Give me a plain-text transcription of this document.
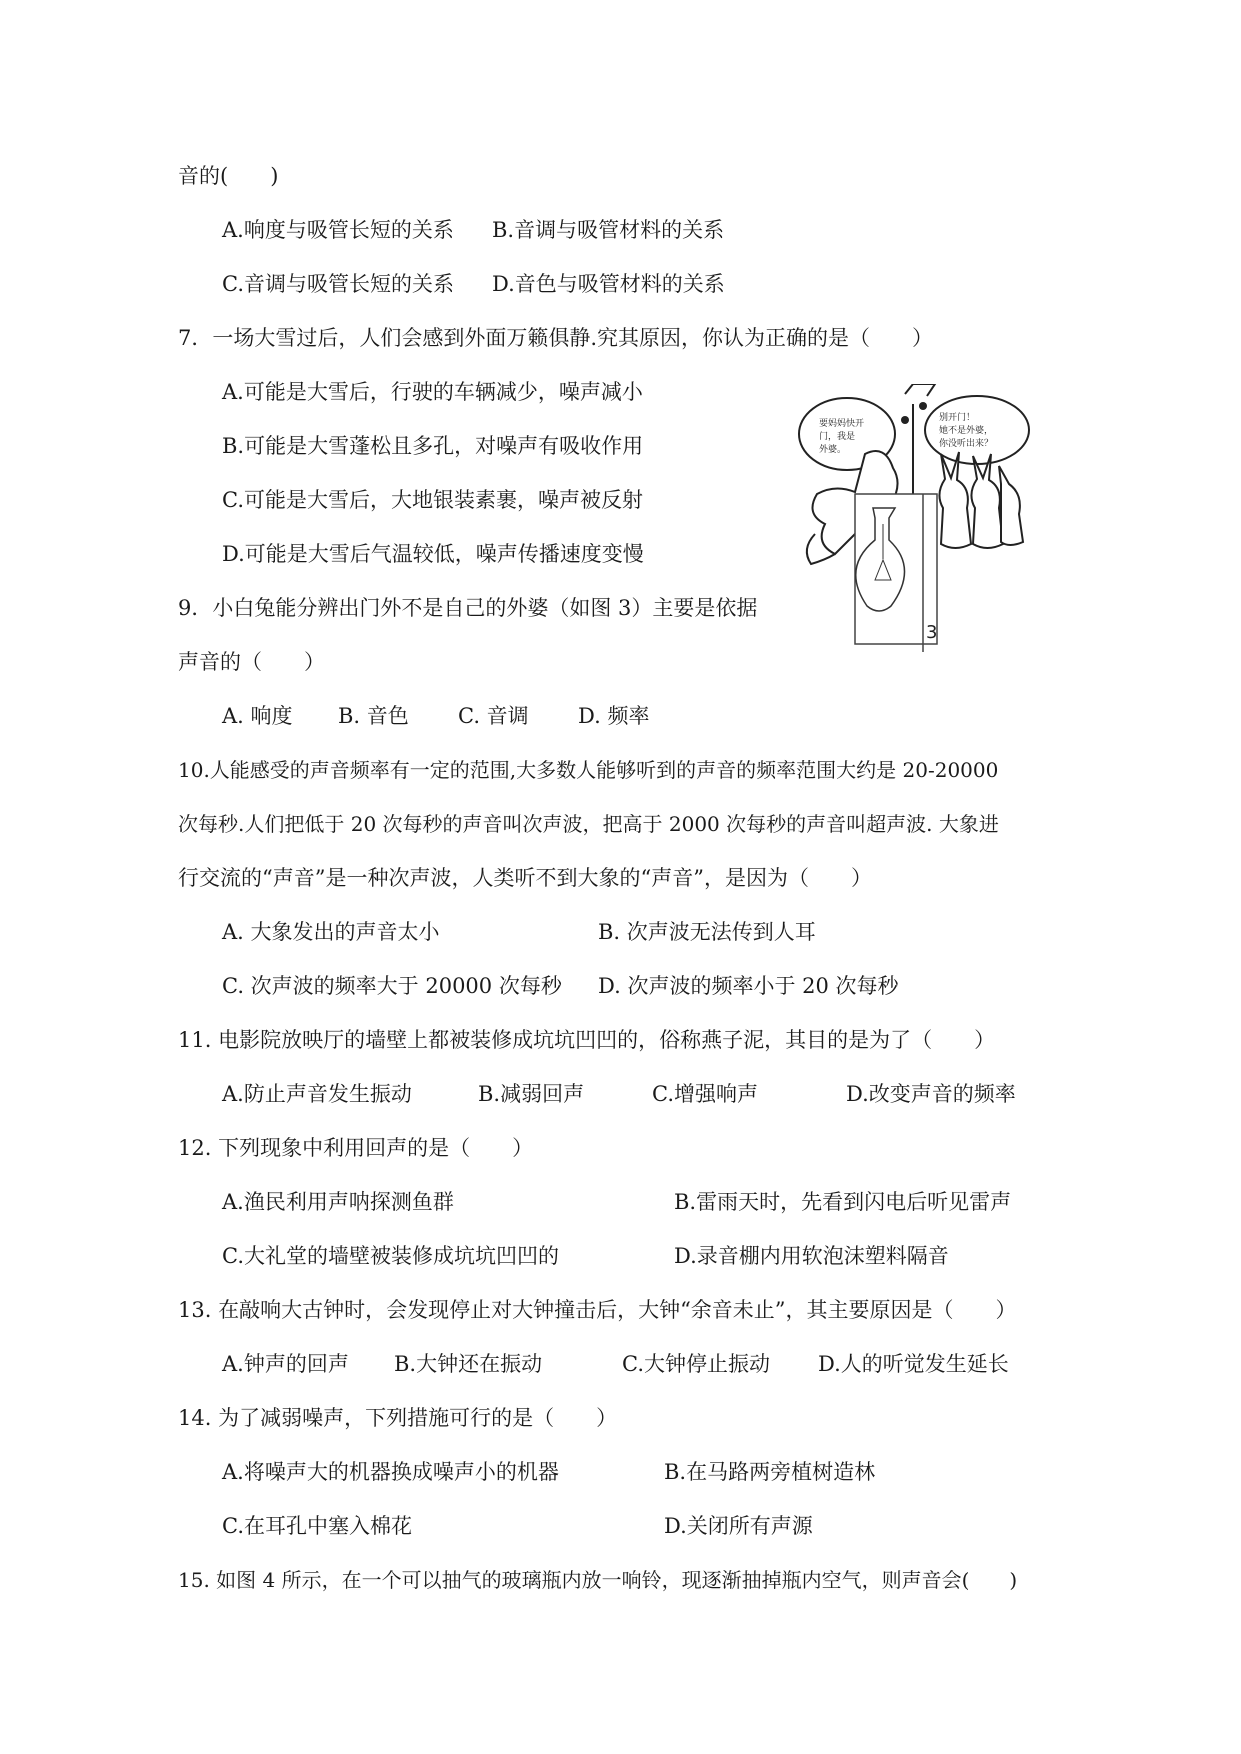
音的(　　)
A.响度与吸管长短的关系 B.音调与吸管材料的关系
C.音调与吸管长短的关系 D.音色与吸管材料的关系
7．一场大雪过后，人们会感到外面万籁俱静.究其原因，你认为正确的是（　　）
A.可能是大雪后，行驶的车辆减少，噪声减小
B.可能是大雪蓬松且多孔，对噪声有吸收作用
C.可能是大雪后，大地银装素裹，噪声被反射
D.可能是大雪后气温较低，噪声传播速度变慢
要妈妈快开
门，我是
外婆。
别开门！
她不是外婆，
你没听出来？
3
9．小白兔能分辨出门外不是自己的外婆（如图 3）主要是依据
声音的（　　）
A. 响度 B. 音色 C. 音调 D. 频率
10.人能感受的声音频率有一定的范围,大多数人能够听到的声音的频率范围大约是 20-20000
次每秒.人们把低于 20 次每秒的声音叫次声波，把高于 2000 次每秒的声音叫超声波. 大象进
行交流的“声音”是一种次声波，人类听不到大象的“声音”，是因为（　　）
A. 大象发出的声音太小	B. 次声波无法传到人耳
C. 次声波的频率大于 20000 次每秒 D. 次声波的频率小于 20 次每秒
11. 电影院放映厅的墙壁上都被装修成坑坑凹凹的，俗称燕子泥，其目的是为了（　　）
A.防止声音发生振动	B.减弱回声	C.增强响声	D.改变声音的频率
12. 下列现象中利用回声的是（　　）
A.渔民利用声呐探测鱼群	B.雷雨天时，先看到闪电后听见雷声
C.大礼堂的墙壁被装修成坑坑凹凹的	D.录音棚内用软泡沫塑料隔音
13. 在敲响大古钟时，会发现停止对大钟撞击后，大钟“余音未止”，其主要原因是（　　）
A.钟声的回声 B.大钟还在振动	C.大钟停止振动 D.人的听觉发生延长
14. 为了减弱噪声，下列措施可行的是（　　）
A.将噪声大的机器换成噪声小的机器	B.在马路两旁植树造林
C.在耳孔中塞入棉花	D.关闭所有声源
15. 如图 4 所示，在一个可以抽气的玻璃瓶内放一响铃，现逐渐抽掉瓶内空气，则声音会(　　)
